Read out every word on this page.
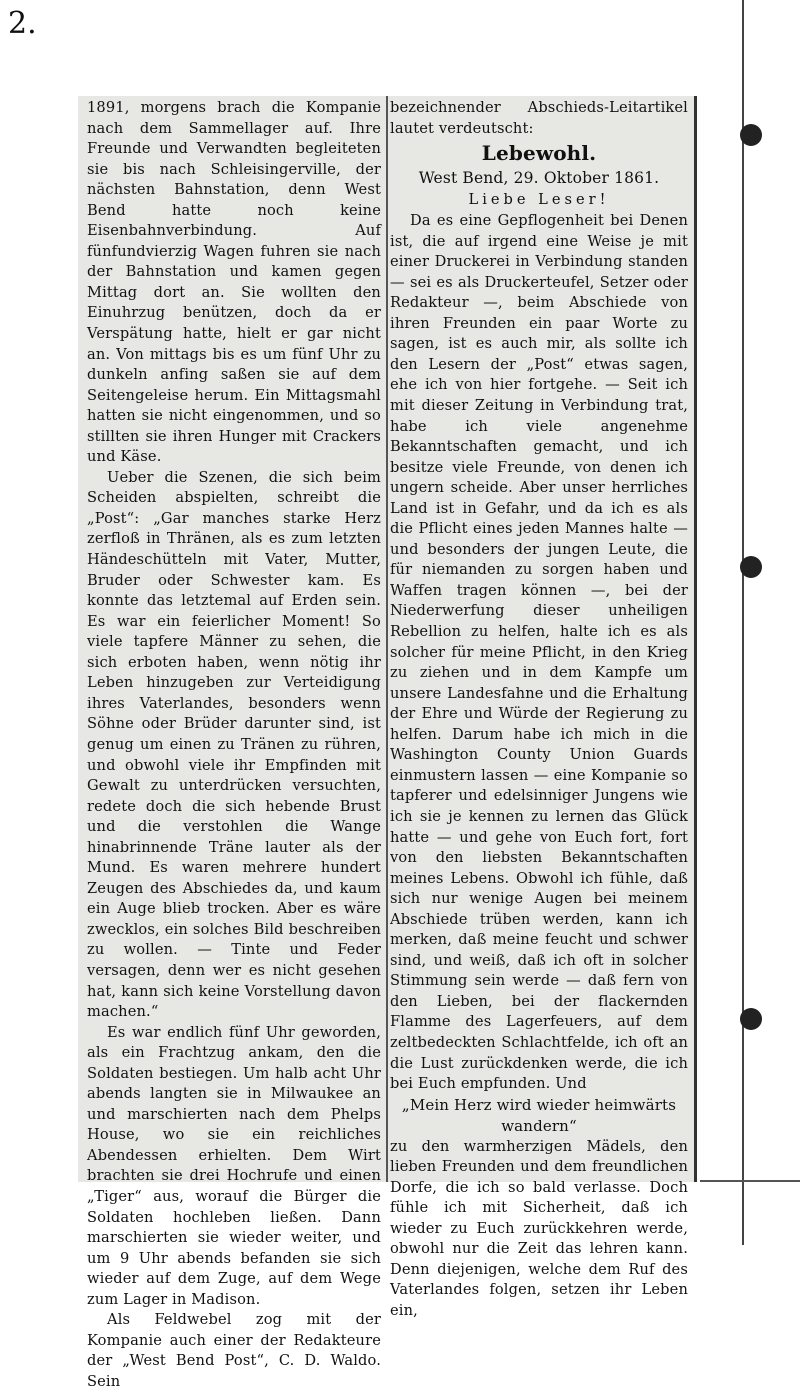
2.

1891, morgens brach die Kompanie nach dem Sammellager auf. Ihre Freunde und Verwandten begleiteten sie bis nach Schleisingerville, der nächsten Bahnstation, denn West Bend hatte noch keine Eisenbahnverbindung. Auf fünfundvierzig Wagen fuhren sie nach der Bahnstation und kamen gegen Mittag dort an. Sie wollten den Einuhrzug benützen, doch da er Verspätung hatte, hielt er gar nicht an. Von mittags bis es um fünf Uhr zu dunkeln anfing saßen sie auf dem Seitengeleise herum. Ein Mittagsmahl hatten sie nicht eingenommen, und so stillten sie ihren Hunger mit Crackers und Käse.

Ueber die Szenen, die sich beim Scheiden abspielten, schreibt die „Post“: „Gar manches starke Herz zerfloß in Thränen, als es zum letzten Händeschütteln mit Vater, Mutter, Bruder oder Schwester kam. Es konnte das letztemal auf Erden sein. Es war ein feierlicher Moment! So viele tapfere Männer zu sehen, die sich erboten haben, wenn nötig ihr Leben hinzugeben zur Verteidigung ihres Vaterlandes, besonders wenn Söhne oder Brüder darunter sind, ist genug um einen zu Tränen zu rühren, und obwohl viele ihr Empfinden mit Gewalt zu unterdrücken versuchten, redete doch die sich hebende Brust und die verstohlen die Wange hinabrinnende Träne lauter als der Mund. Es waren mehrere hundert Zeugen des Abschiedes da, und kaum ein Auge blieb trocken. Aber es wäre zwecklos, ein solches Bild beschreiben zu wollen. — Tinte und Feder versagen, denn wer es nicht gesehen hat, kann sich keine Vorstellung davon machen.“

Es war endlich fünf Uhr geworden, als ein Frachtzug ankam, den die Soldaten bestiegen. Um halb acht Uhr abends langten sie in Milwaukee an und marschierten nach dem Phelps House, wo sie ein reichliches Abendessen erhielten. Dem Wirt brachten sie drei Hochrufe und einen „Tiger“ aus, worauf die Bürger die Soldaten hochleben ließen. Dann marschierten sie wieder weiter, und um 9 Uhr abends befanden sie sich wieder auf dem Zuge, auf dem Wege zum Lager in Madison.

Als Feldwebel zog mit der Kompanie auch einer der Redakteure der „West Bend Post“, C. D. Waldo. Sein

bezeichnender Abschieds-Leitartikel lautet verdeutscht:

Lebewohl.

West Bend, 29. Oktober 1861.

Liebe Leser!

Da es eine Gepflogenheit bei Denen ist, die auf irgend eine Weise je mit einer Druckerei in Verbindung standen — sei es als Druckerteufel, Setzer oder Redakteur —, beim Abschiede von ihren Freunden ein paar Worte zu sagen, ist es auch mir, als sollte ich den Lesern der „Post“ etwas sagen, ehe ich von hier fortgehe. — Seit ich mit dieser Zeitung in Verbindung trat, habe ich viele angenehme Bekanntschaften gemacht, und ich besitze viele Freunde, von denen ich ungern scheide. Aber unser herrliches Land ist in Gefahr, und da ich es als die Pflicht eines jeden Mannes halte — und besonders der jungen Leute, die für niemanden zu sorgen haben und Waffen tragen können —, bei der Niederwerfung dieser unheiligen Rebellion zu helfen, halte ich es als solcher für meine Pflicht, in den Krieg zu ziehen und in dem Kampfe um unsere Landesfahne und die Erhaltung der Ehre und Würde der Regierung zu helfen. Darum habe ich mich in die Washington County Union Guards einmustern lassen — eine Kompanie so tapferer und edelsinniger Jungens wie ich sie je kennen zu lernen das Glück hatte — und gehe von Euch fort, fort von den liebsten Bekanntschaften meines Lebens. Obwohl ich fühle, daß sich nur wenige Augen bei meinem Abschiede trüben werden, kann ich merken, daß meine feucht und schwer sind, und weiß, daß ich oft in solcher Stimmung sein werde — daß fern von den Lieben, bei der flackernden Flamme des Lagerfeuers, auf dem zeltbedeckten Schlachtfelde, ich oft an die Lust zurückdenken werde, die ich bei Euch empfunden. Und

„Mein Herz wird wieder heimwärts wandern“

zu den warmherzigen Mädels, den lieben Freunden und dem freundlichen Dorfe, die ich so bald verlasse. Doch fühle ich mit Sicherheit, daß ich wieder zu Euch zurückkehren werde, obwohl nur die Zeit das lehren kann. Denn diejenigen, welche dem Ruf des Vaterlandes folgen, setzen ihr Leben ein,
